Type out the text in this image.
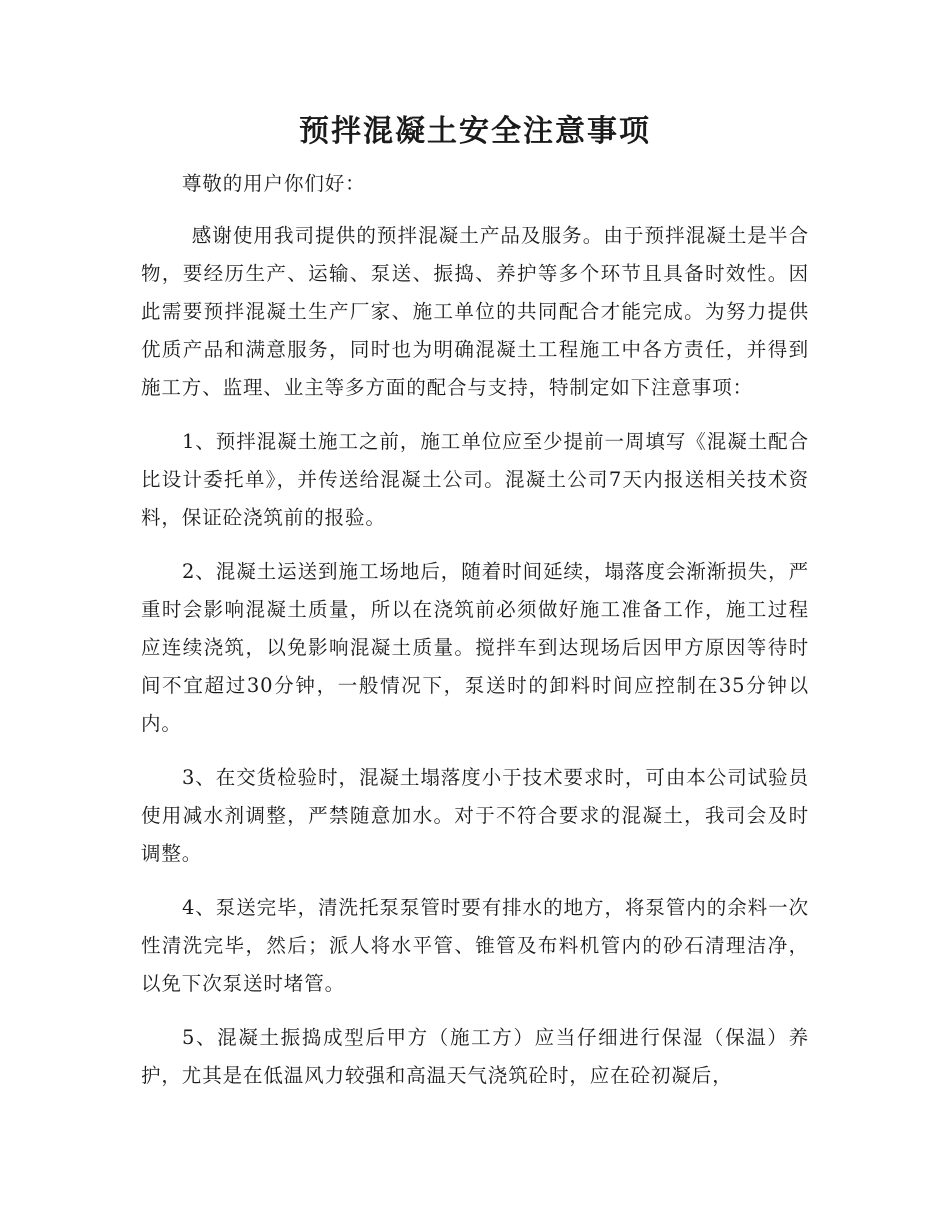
预拌混凝土安全注意事项

尊敬的用户你们好：

感谢使用我司提供的预拌混凝土产品及服务。由于预拌混凝土是半合物，要经历生产、运输、泵送、振捣、养护等多个环节且具备时效性。因此需要预拌混凝土生产厂家、施工单位的共同配合才能完成。为努力提供优质产品和满意服务，同时也为明确混凝土工程施工中各方责任，并得到施工方、监理、业主等多方面的配合与支持，特制定如下注意事项：

1、预拌混凝土施工之前，施工单位应至少提前一周填写《混凝土配合比设计委托单》，并传送给混凝土公司。混凝土公司7天内报送相关技术资料，保证砼浇筑前的报验。

2、混凝土运送到施工场地后，随着时间延续，塌落度会渐渐损失，严重时会影响混凝土质量，所以在浇筑前必须做好施工准备工作，施工过程应连续浇筑，以免影响混凝土质量。搅拌车到达现场后因甲方原因等待时间不宜超过30分钟，一般情况下，泵送时的卸料时间应控制在35分钟以内。

3、在交货检验时，混凝土塌落度小于技术要求时，可由本公司试验员使用减水剂调整，严禁随意加水。对于不符合要求的混凝土，我司会及时调整。

4、泵送完毕，清洗托泵泵管时要有排水的地方，将泵管内的余料一次性清洗完毕，然后；派人将水平管、锥管及布料机管内的砂石清理洁净，以免下次泵送时堵管。

5、混凝土振捣成型后甲方（施工方）应当仔细进行保湿（保温）养护，尤其是在低温风力较强和高温天气浇筑砼时，应在砼初凝后，
